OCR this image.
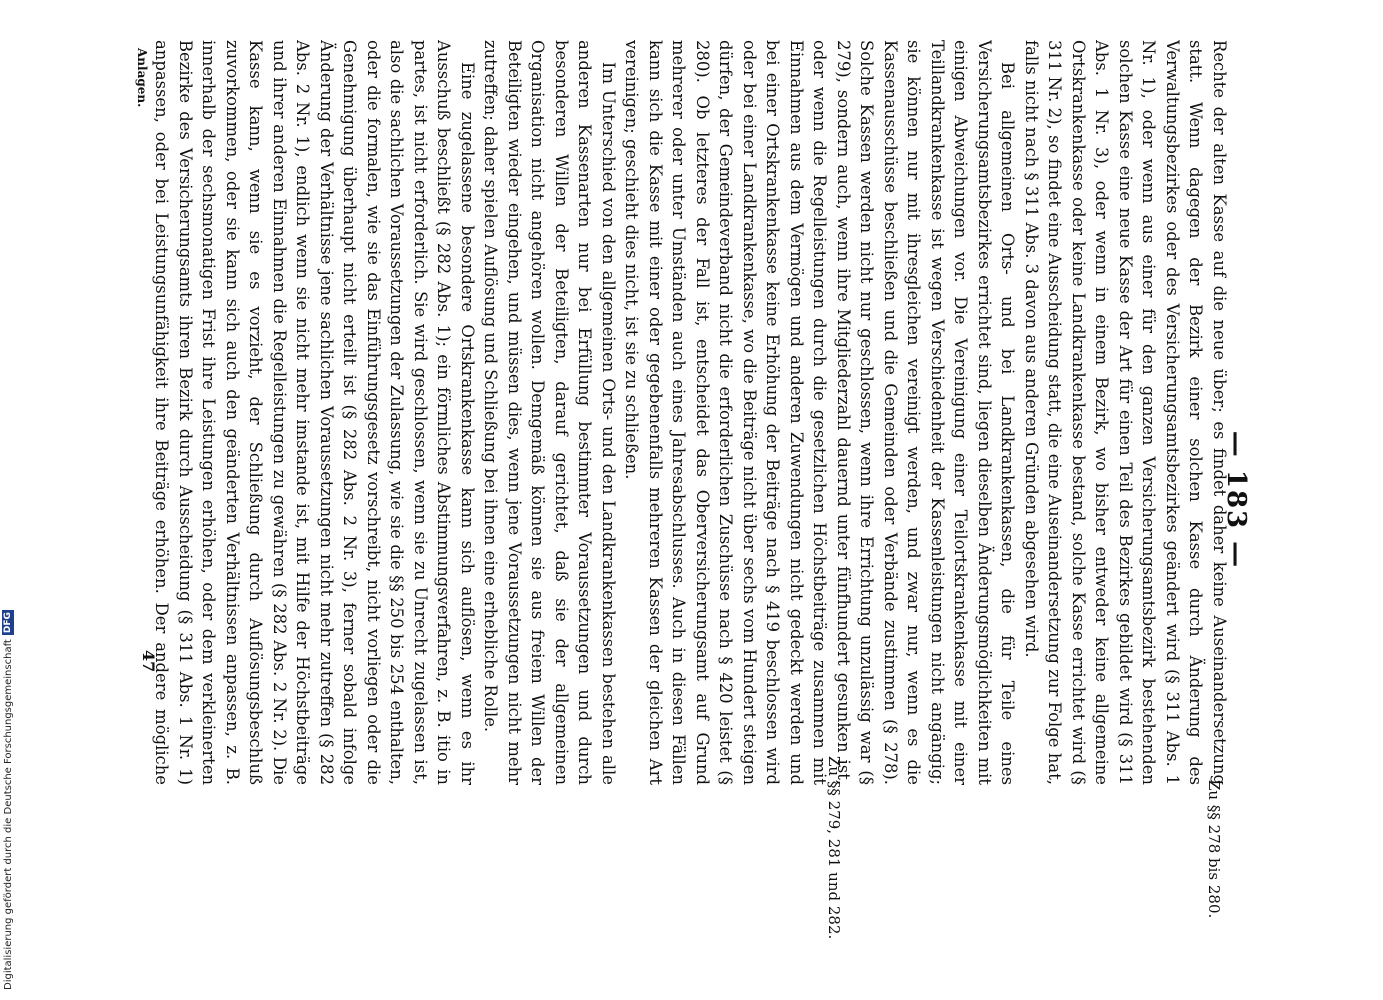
— 183 —
Zu §§ 278 bis 280.
Zu §§ 279, 281 und 282.

Rechte der alten Kasse auf die neue über; es findet daher keine Auseinandersetzung statt. Wenn dagegen der Bezirk einer solchen Kasse durch Änderung des Verwaltungsbezirkes oder des Versicherungsamtsbezirkes geändert wird (§ 311 Abs. 1 Nr. 1), oder wenn aus einer für den ganzen Versicherungsamtsbezirk bestehenden solchen Kasse eine neue Kasse der Art für einen Teil des Bezirkes gebildet wird (§ 311 Abs. 1 Nr. 3), oder wenn in einem Bezirk, wo bisher entweder keine allgemeine Ortskrankenkasse oder keine Landkrankenkasse bestand, solche Kasse errichtet wird (§ 311 Nr. 2), so findet eine Ausscheidung statt, die eine Auseinandersetzung zur Folge hat, falls nicht nach § 311 Abs. 3 davon aus anderen Gründen abgesehen wird.

Bei allgemeinen Orts- und bei Landkrankenkassen, die für Teile eines Versicherungsamtsbezirkes errichtet sind, liegen dieselben Änderungsmöglichkeiten mit einigen Abweichungen vor. Die Vereinigung einer Teilortskrankenkasse mit einer Teillandkrankenkasse ist wegen Verschiedenheit der Kassenleistungen nicht angängig; sie können nur mit ihresgleichen vereinigt werden, und zwar nur, wenn es die Kassenausschüsse beschließen und die Gemeinden oder Verbände zustimmen (§ 278). Solche Kassen werden nicht nur geschlossen, wenn ihre Errichtung unzulässig war (§ 279), sondern auch, wenn ihre Mitgliederzahl dauernd unter fünfhundert gesunken ist, oder wenn die Regelleistungen durch die gesetzlichen Höchstbeiträge zusammen mit Einnahmen aus dem Vermögen und anderen Zuwendungen nicht gedeckt werden und bei einer Ortskrankenkasse keine Erhöhung der Beiträge nach § 419 beschlossen wird oder bei einer Landkrankenkasse, wo die Beiträge nicht über sechs vom Hundert steigen dürfen, der Gemeindeverband nicht die erforderlichen Zuschüsse nach § 420 leistet (§ 280). Ob letzteres der Fall ist, entscheidet das Oberversicherungsamt auf Grund mehrerer oder unter Umständen auch eines Jahresabschlusses. Auch in diesen Fällen kann sich die Kasse mit einer oder gegebenenfalls mehreren Kassen der gleichen Art vereinigen; geschieht dies nicht, ist sie zu schließen.

Im Unterschied von den allgemeinen Orts- und den Landkrankenkassen bestehen alle anderen Kassenarten nur bei Erfüllung bestimmter Voraussetzungen und durch besonderen Willen der Beteiligten, darauf gerichtet, daß sie der allgemeinen Organisation nicht angehören wollen. Demgemäß können sie aus freiem Willen der Beteiligten wieder eingehen, und müssen dies, wenn jene Voraussetzungen nicht mehr zutreffen; daher spielen Auflösung und Schließung bei ihnen eine erhebliche Rolle.

Eine zugelassene besondere Ortskrankenkasse kann sich auflösen, wenn es ihr Ausschuß beschließt (§ 282 Abs. 1); ein förmliches Abstimmungsverfahren, z. B. itio in partes, ist nicht erforderlich. Sie wird geschlossen, wenn sie zu Unrecht zugelassen ist, also die sachlichen Voraussetzungen der Zulassung, wie sie die §§ 250 bis 254 enthalten, oder die formalen, wie sie das Einführungsgesetz vorschreibt, nicht vorliegen oder die Genehmigung überhaupt nicht erteilt ist (§ 282 Abs. 2 Nr. 3), ferner sobald infolge Änderung der Verhältnisse jene sachlichen Voraussetzungen nicht mehr zutreffen (§ 282 Abs. 2 Nr. 1), endlich wenn sie nicht mehr imstande ist, mit Hilfe der Höchstbeiträge und ihrer anderen Einnahmen die Regelleistungen zu gewähren (§ 282 Abs. 2 Nr. 2). Die Kasse kann, wenn sie es vorzieht, der Schließung durch Auflösungsbeschluß zuvorkommen, oder sie kann sich auch den geänderten Verhältnissen anpassen, z. B. innerhalb der sechsmonatigen Frist ihre Leistungen erhöhen, oder dem verkleinerten Bezirke des Versicherungsamts ihren Bezirk durch Ausscheidung (§ 311 Abs. 1 Nr. 1) anpassen, oder bei Leistungsunfähigkeit ihre Beiträge erhöhen. Der andere mögliche

Anlagen.
47
Digitalisierung gefördert durch die Deutsche ForschungsgemeinschaftDFG
